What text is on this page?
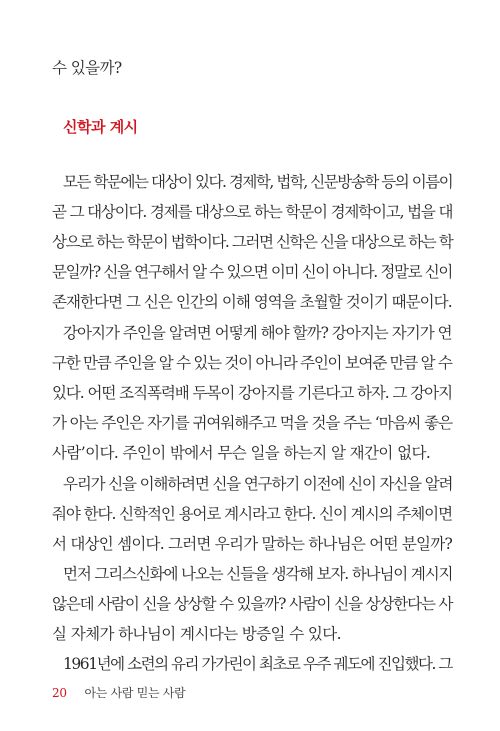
수 있을까?
신학과 계시
모든 학문에는 대상이 있다. 경제학, 법학, 신문방송학 등의 이름이
곧 그 대상이다. 경제를 대상으로 하는 학문이 경제학이고, 법을 대
상으로 하는 학문이 법학이다. 그러면 신학은 신을 대상으로 하는 학
문일까? 신을 연구해서 알 수 있으면 이미 신이 아니다. 정말로 신이
존재한다면 그 신은 인간의 이해 영역을 초월할 것이기 때문이다.
강아지가 주인을 알려면 어떻게 해야 할까? 강아지는 자기가 연
구한 만큼 주인을 알 수 있는 것이 아니라 주인이 보여준 만큼 알 수
있다. 어떤 조직폭력배 두목이 강아지를 기른다고 하자. 그 강아지
가 아는 주인은 자기를 귀여워해주고 먹을 것을 주는 ‘마음씨 좋은
사람’이다. 주인이 밖에서 무슨 일을 하는지 알 재간이 없다.
우리가 신을 이해하려면 신을 연구하기 이전에 신이 자신을 알려
줘야 한다. 신학적인 용어로 계시라고 한다. 신이 계시의 주체이면
서 대상인 셈이다. 그러면 우리가 말하는 하나님은 어떤 분일까?
먼저 그리스신화에 나오는 신들을 생각해 보자. 하나님이 계시지
않은데 사람이 신을 상상할 수 있을까? 사람이 신을 상상한다는 사
실 자체가 하나님이 계시다는 방증일 수 있다.
1961년에 소련의 유리 가가린이 최초로 우주 궤도에 진입했다. 그
20 아는 사람 믿는 사람
